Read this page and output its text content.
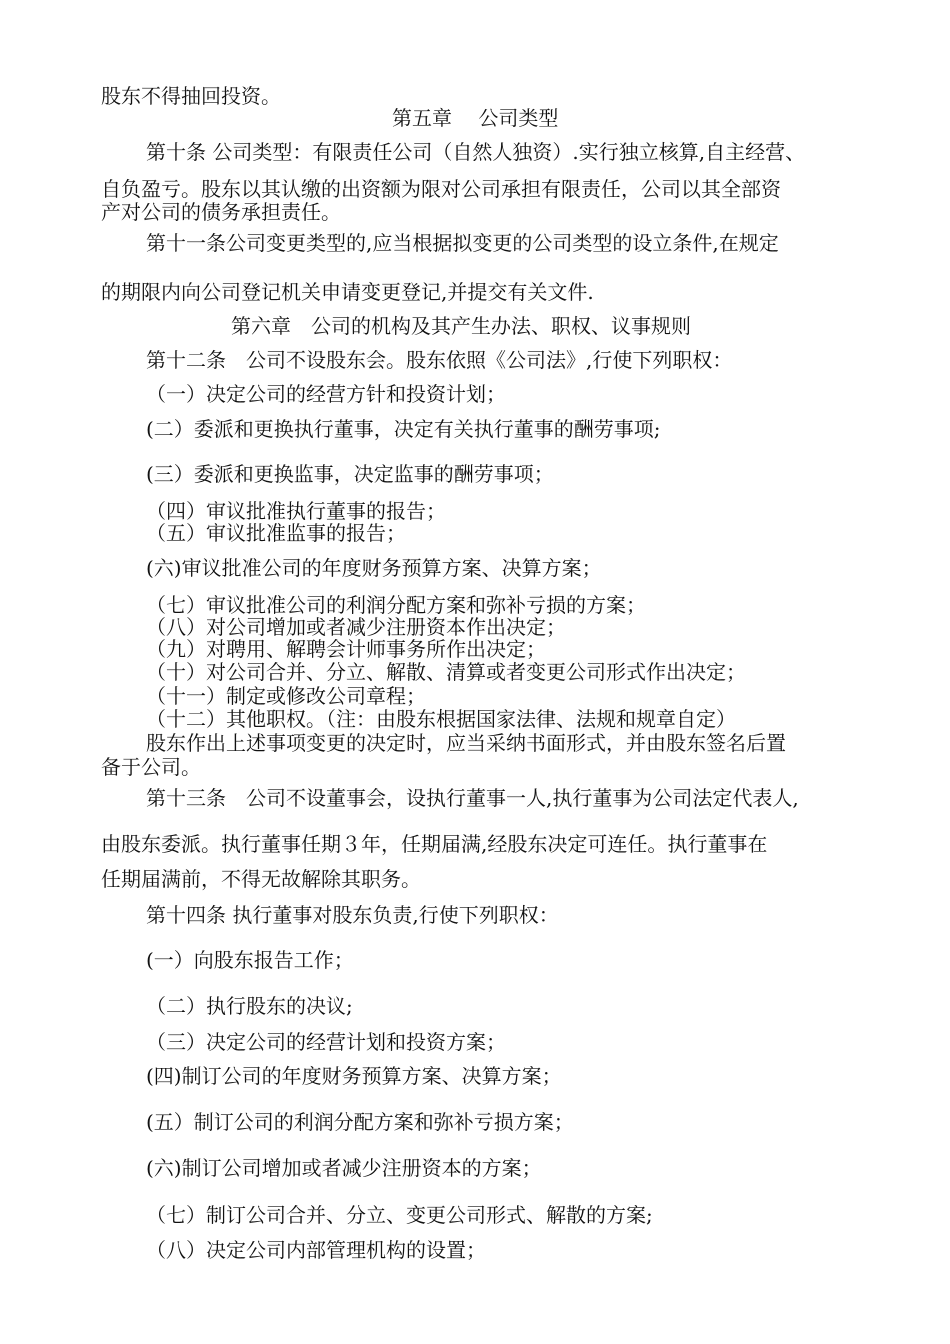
股东不得抽回投资。
第五章　 公司类型
第十条 公司类型：有限责任公司（自然人独资）.实行独立核算,自主经营、
自负盈亏。股东以其认缴的出资额为限对公司承担有限责任，公司以其全部资
产对公司的债务承担责任。
第十一条公司变更类型的,应当根据拟变更的公司类型的设立条件,在规定
的期限内向公司登记机关申请变更登记,并提交有关文件.
第六章　公司的机构及其产生办法、职权、议事规则
第十二条　公司不设股东会。股东依照《公司法》,行使下列职权：
（一）决定公司的经营方针和投资计划；
(二）委派和更换执行董事，决定有关执行董事的酬劳事项;
(三）委派和更换监事，决定监事的酬劳事项；
（四）审议批准执行董事的报告；
（五）审议批准监事的报告；
(六)审议批准公司的年度财务预算方案、决算方案；
（七）审议批准公司的利润分配方案和弥补亏损的方案；
（八）对公司增加或者减少注册资本作出决定；
（九）对聘用、解聘会计师事务所作出决定；
（十）对公司合并、分立、解散、清算或者变更公司形式作出决定；
（十一）制定或修改公司章程；
（十二）其他职权。（注：由股东根据国家法律、法规和规章自定）
股东作出上述事项变更的决定时，应当采纳书面形式，并由股东签名后置
备于公司。
第十三条　公司不设董事会，设执行董事一人,执行董事为公司法定代表人,
由股东委派。执行董事任期３年，任期届满,经股东决定可连任。执行董事在
任期届满前，不得无故解除其职务。
第十四条 执行董事对股东负责,行使下列职权：
(一）向股东报告工作；
（二）执行股东的决议;
（三）决定公司的经营计划和投资方案；
(四)制订公司的年度财务预算方案、决算方案；
(五）制订公司的利润分配方案和弥补亏损方案；
(六)制订公司增加或者减少注册资本的方案；
（七）制订公司合并、分立、变更公司形式、解散的方案;
（八）决定公司内部管理机构的设置；
